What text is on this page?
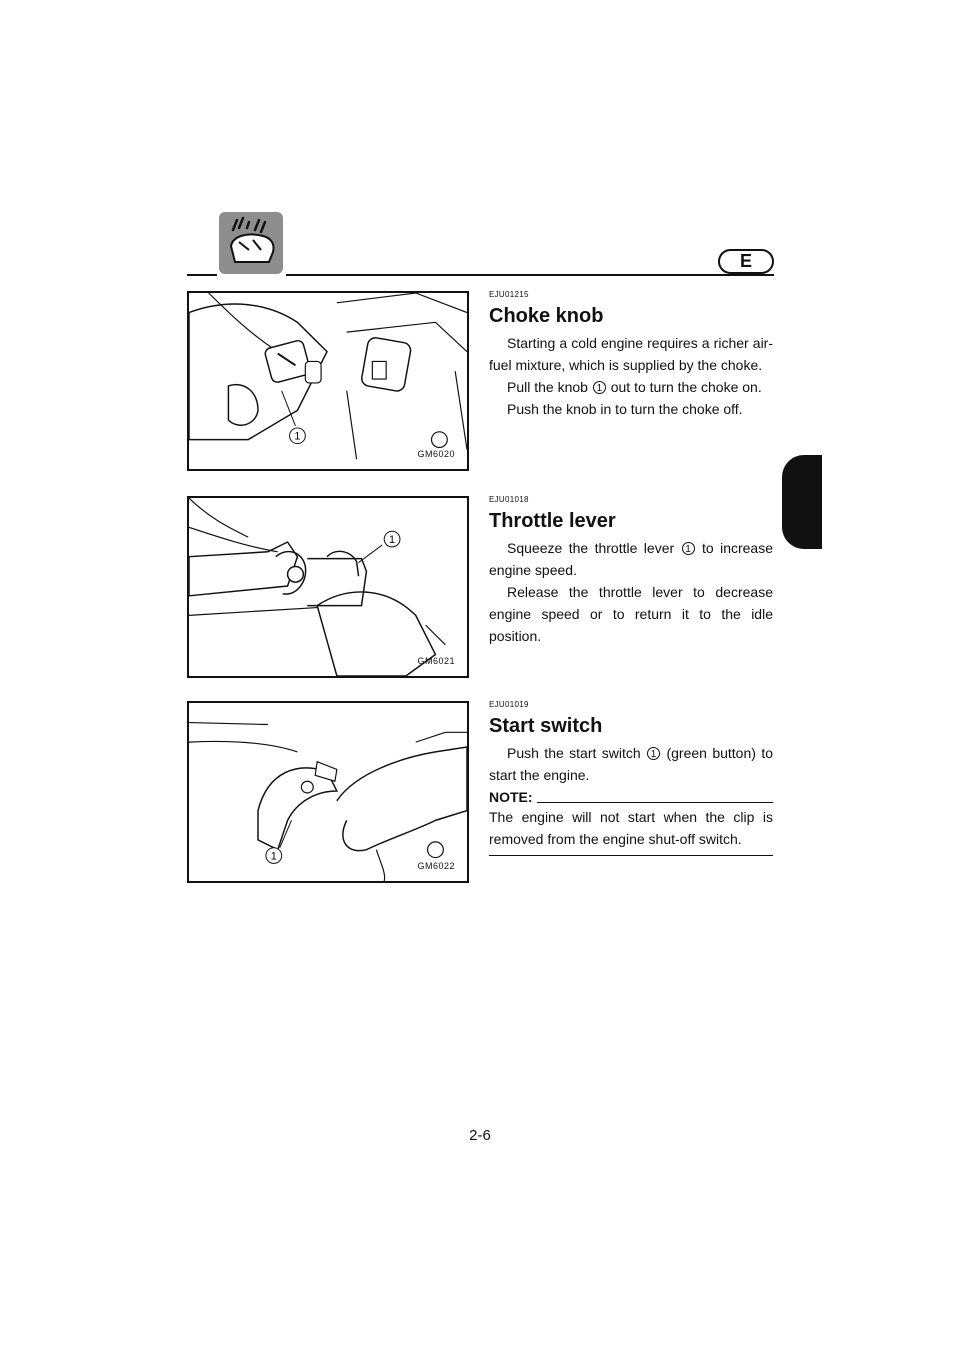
E
1
GM6020
EJU01215
Choke knob

Starting a cold engine requires a richer air-fuel mixture, which is supplied by the choke.

Pull the knob 1 out to turn the choke on.

Push the knob in to turn the choke off.

1
GM6021
EJU01018
Throttle lever

Squeeze the throttle lever 1 to increase engine speed.

Release the throttle lever to decrease engine speed or to return it to the idle position.

1
GM6022
EJU01019
Start switch

Push the start switch 1 (green button) to start the engine.

NOTE:

The engine will not start when the clip is removed from the engine shut-off switch.

2-6
